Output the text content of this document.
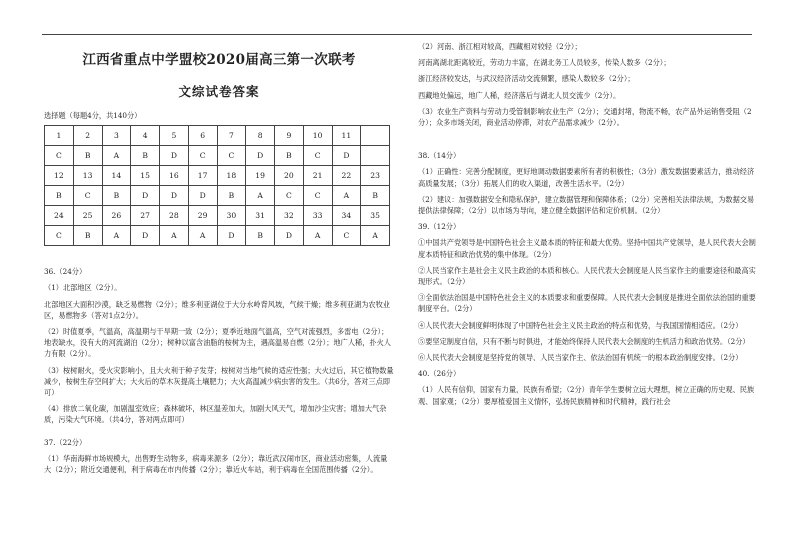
江西省重点中学盟校2020届高三第一次联考
文综试卷答案

选择题（每题4分，共140分）

1	2	3	4	5	6	7	8	9	10	11	
C	B	A	B	D	C	C	D	B	C	D	
12	13	14	15	16	17	18	19	20	21	22	23
B	C	B	D	D	D	B	A	C	C	A	B
24	25	26	27	28	29	30	31	32	33	34	35
C	B	A	D	A	A	D	B	D	A	C	A

36.（24分）

（1）北部地区（2分）。

北部地区大面积沙漠，缺乏易燃物（2分）；维多利亚湖位于大分水岭背风坡，气候干燥；维多利亚湖为农牧业区，易燃物多（答对1点2分）。

（2）时值夏季，气温高，高温期与干旱期一致（2分）；夏季近地面气温高，空气对流强烈，多雷电（2分）；地表缺水，没有大的河流湖泊（2分）；树种以富含油脂的桉树为主，遇高温易自燃（2分）；地广人稀，扑火人力有限（2分）。

（3）桉树耐火，受火灾影响小，且大火利于种子发芽；桉树对当地气候的适应性强；大火过后，其它植物数量减少，桉树生存空间扩大；大火后的草木灰提高土壤肥力；大火高温减少病虫害的发生。（共6分，答对三点即可）

（4）排放二氧化碳，加剧温室效应；森林破坏，林区温差加大，加剧大风天气，增加沙尘灾害；增加大气杂质，污染大气环境。（共4分，答对两点即可）

37.（22分）

（1）华南海鲜市场规模大，出售野生动物多，病毒来源多（2分）；靠近武汉闹市区，商业活动密集，人流量大（2分）；附近交通便利，利于病毒在市内传播（2分）；靠近火车站，利于病毒在全国范围传播（2分）。

（2）河南、浙江相对较高，西藏相对较轻（2分）；

河南离湖北距离较近，劳动力丰富，在湖北务工人员较多，传染人数多（2分）；

浙江经济较发达，与武汉经济活动交流频繁，感染人数较多（2分）；

西藏地处偏远，地广人稀，经济落后与湖北人员交流少（2分）。

（3）农业生产资料与劳动力受管制影响农业生产（2分）；交通封堵，物流不畅，农产品外运销售受阻（2分）；众多市场关闭，商业活动停滞，对农产品需求减少（2分）。

38.（14分）

（1）正确性：完善分配制度，更好地调动数据要素所有者的积极性；（3分）激发数据要素活力，推动经济高质量发展；（3分）拓展人们的收入渠道，改善生活水平。（2分）

（2）建议：加强数据安全和隐私保护，建立数据管理和保障体系；（2分）完善相关法律法规，为数据交易提供法律保障；（2分）以市场为导向，建立健全数据评估和定价机制。（2分）

39.（12分）

①中国共产党领导是中国特色社会主义最本质的特征和最大优势。坚持中国共产党领导，是人民代表大会制度本质特征和政治优势的集中体现。（2分）

②人民当家作主是社会主义民主政治的本质和核心。人民代表大会制度是人民当家作主的重要途径和最高实现形式。（2分）

③全面依法治国是中国特色社会主义的本质要求和重要保障。人民代表大会制度是推进全面依法治国的重要制度平台。（2分）

④人民代表大会制度鲜明体现了中国特色社会主义民主政治的特点和优势，与我国国情相适应。（2分）

⑤要坚定制度自信，只有不断与时俱进，才能始终保持人民代表大会制度的生机活力和政治优势。（2分）

⑥人民代表大会制度是坚持党的领导、人民当家作主、依法治国有机统一的根本政治制度安排。（2分）

40.（26分）

（1）人民有信仰，国家有力量，民族有希望；（2分）青年学生要树立远大理想，树立正确的历史观、民族观、国家观；（2分）要厚植爱国主义情怀，弘扬民族精神和时代精神，践行社会
